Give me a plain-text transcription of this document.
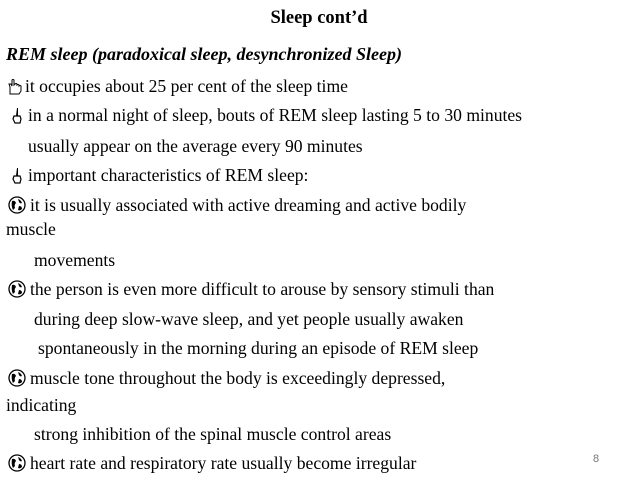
Sleep cont’d
REM sleep (paradoxical sleep, desynchronized Sleep)
it occupies about 25 per cent of the sleep time
in a normal night of sleep, bouts of REM sleep lasting 5 to 30 minutes
usually appear on the average every 90 minutes
important characteristics of REM sleep:
it is usually associated with active dreaming and active bodily
muscle
movements
the person is even more difficult to arouse by sensory stimuli than
during deep slow-wave sleep, and yet people usually awaken
spontaneously in the morning during an episode of REM sleep
muscle tone throughout the body is exceedingly depressed,
indicating
strong inhibition of the spinal muscle control areas
heart rate and respiratory rate usually become irregular	8
